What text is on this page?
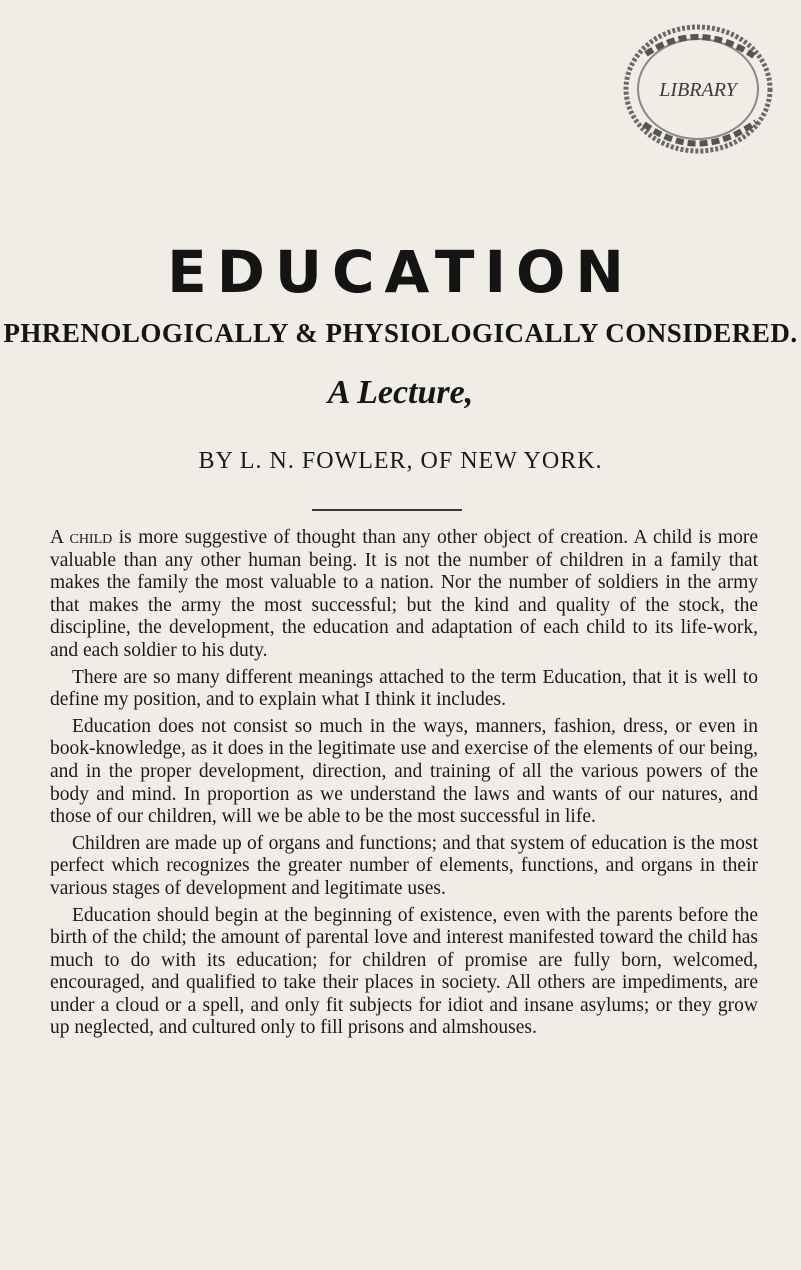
LIBRARY
EDUCATION
PHRENOLOGICALLY & PHYSIOLOGICALLY CONSIDERED.
A Lecture,
BY L. N. FOWLER, OF NEW YORK.

A child is more suggestive of thought than any other object of creation. A child is more valuable than any other human being. It is not the number of children in a family that makes the family the most valuable to a nation. Nor the number of soldiers in the army that makes the army the most successful; but the kind and quality of the stock, the discipline, the development, the education and adaptation of each child to its life-work, and each soldier to his duty.

There are so many different meanings attached to the term Education, that it is well to define my position, and to explain what I think it includes.

Education does not consist so much in the ways, manners, fashion, dress, or even in book-knowledge, as it does in the legitimate use and exercise of the elements of our being, and in the proper development, direction, and training of all the various powers of the body and mind. In proportion as we understand the laws and wants of our natures, and those of our children, will we be able to be the most successful in life.

Children are made up of organs and functions; and that system of education is the most perfect which recognizes the greater number of elements, functions, and organs in their various stages of development and legitimate uses.

Education should begin at the beginning of existence, even with the parents before the birth of the child; the amount of parental love and interest manifested toward the child has much to do with its education; for children of promise are fully born, welcomed, encouraged, and qualified to take their places in society. All others are impediments, are under a cloud or a spell, and only fit subjects for idiot and insane asylums; or they grow up neglected, and cultured only to fill prisons and almshouses.
